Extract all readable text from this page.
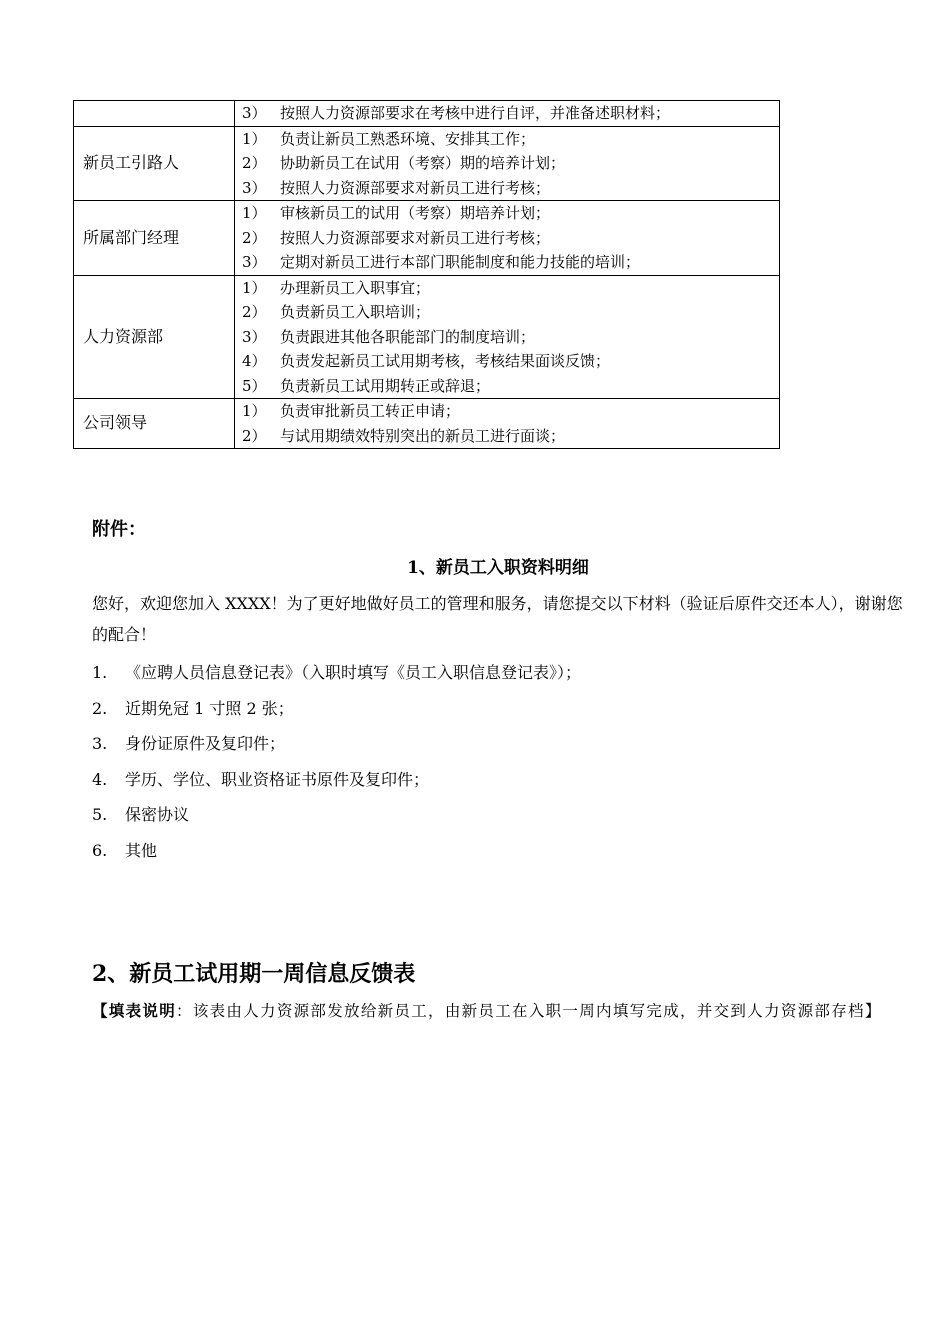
	3） 按照人力资源部要求在考核中进行自评，并准备述职材料；

新员工引路人	1） 负责让新员工熟悉环境、安排其工作；
2） 协助新员工在试用（考察）期的培养计划；
3） 按照人力资源部要求对新员工进行考核；

所属部门经理	1） 审核新员工的试用（考察）期培养计划；
2） 按照人力资源部要求对新员工进行考核；
3） 定期对新员工进行本部门职能制度和能力技能的培训；

人力资源部	1） 办理新员工入职事宜；
2） 负责新员工入职培训；
3） 负责跟进其他各职能部门的制度培训；
4） 负责发起新员工试用期考核，考核结果面谈反馈；
5） 负责新员工试用期转正或辞退；

公司领导	1） 负责审批新员工转正申请；
2） 与试用期绩效特别突出的新员工进行面谈；
附件：
1、新员工入职资料明细

您好，欢迎您加入 XXXX！为了更好地做好员工的管理和服务，请您提交以下材料（验证后原件交还本人），谢谢您的配合！

1. 《应聘人员信息登记表》（入职时填写《员工入职信息登记表》）；
2. 近期免冠 1 寸照 2 张；
3. 身份证原件及复印件；
4. 学历、学位、职业资格证书原件及复印件；
5. 保密协议
6. 其他
2、新员工试用期一周信息反馈表

【填表说明：该表由人力资源部发放给新员工，由新员工在入职一周内填写完成，并交到人力资源部存档】
